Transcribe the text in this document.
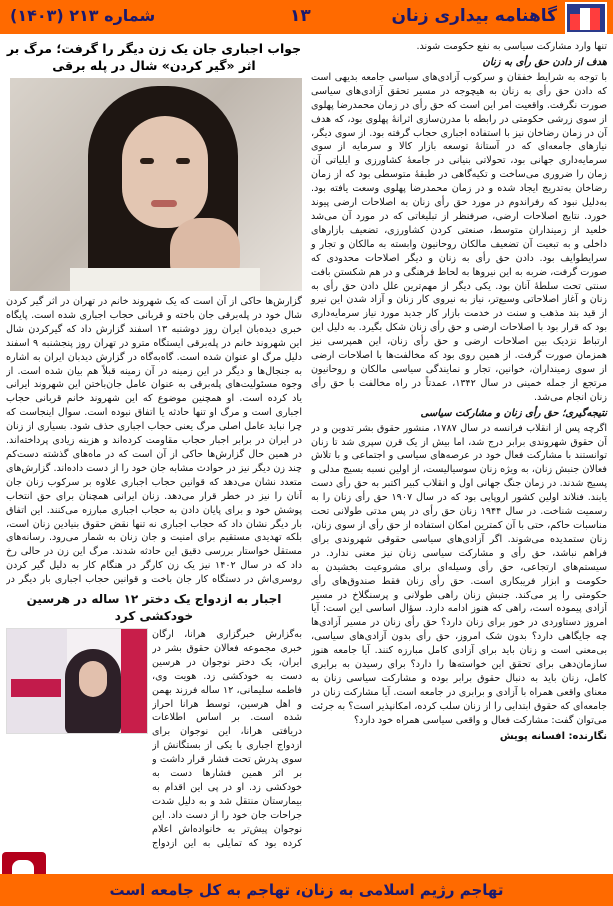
گاهنامه بیداری زنان
۱۳
شماره ۲۱۳ (۱۴۰۳)

تنها وارد مشارکت سیاسی به نفع حکومت شوند.

هدف از دادن حق رأی به زنان

با توجه به شرایط خفقان و سرکوب آزادی‌های سیاسی جامعه بدیهی است که دادن حق رأی به زنان به هیچوجه در مسیر تحقق آزادی‌های سیاسی صورت نگرفت. واقعیت امر این است که حق رأی در زمان محمدرضا پهلوی از سوی زرشی حکومتی در رابطه با مدرن‌سازی اثرانهٔ پهلوی بود، که هدف آن در زمان رضاخان نیز با استفاده اجباری حجاب گرفته بود. از سوی دیگر، نیازهای جامعه‌ای که در آستانهٔ توسعه بازار کالا و سرمایه از سوی سرمایه‌داری جهانی بود، تحولاتی بنیانی در جامعهٔ کشاورزی و ایلیاتی آن زمان را ضروری می‌ساخت و تکیه‌گاهی در طبقهٔ متوسطی بود که از زمان رضاخان به‌تدریج ایجاد شده و در زمان محمدرضا پهلوی وسعت یافته بود. به‌دلیل نبود که رفراندوم در مورد حق رأی زنان به اصلاحات ارضی پیوند خورد. نتایج اصلاحات ارضی، صرفنظر از تبلیغاتی که در مورد آن می‌شد خلعید از زمینداران متوسط، صنعتی کردن کشاورزی، تضعیف بازارهای داخلی و به تبعیت آن تضعیف مالکان روحانیون وابسته به مالکان و تجار و سرایطوایف بود. دادن حق رأی به زنان و دیگر اصلاحات محدودی که صورت گرفت، ضربه به این نیروها به لحاظ فرهنگی و در هم شکستن بافت سنتی تحت سلطهٔ آنان بود. یکی دیگر از مهم‌ترین علل دادن حق رأی به زنان و آغاز اصلاحاتی وسیع‌تر، نیاز به نیروی کار زنان و آزاد شدن این نیرو از قید بند مذهب و سنت در خدمت بازار کار جدید مورد نیاز سرمایه‌داری بود که قرار بود با اصلاحات ارضی و حق رأی زنان شکل بگیرد. به دلیل این ارتباط نزدیک بین اصلاحات ارضی و حق رأی زنان، این همپرسی نیز همزمان صورت گرفت. از همین روی بود که مخالفت‌ها با اصلاحات ارضی از سوی زمینداران، خوانین، تجار و نمایندگی سیاسی مالکان و روحانیون مرتجع از جمله خمینی در سال ۱۳۴۲، عمدتاً در راه مخالفت با حق رأی زنان انجام می‌شد.

نتیجه‌گیری؛ حق رأی زنان و مشارکت سیاسی

اگرچه پس از انقلاب فرانسه در سال ۱۷۸۷، منشور حقوق بشر تدوین و در آن حقوق شهروندی برابر درج شد، اما بیش از یک قرن سپری شد تا زنان توانستند با مشارکت فعال خود در عرصه‌های سیاسی و اجتماعی و با تلاش فعالان جنبش زنان، به ویژه زنان سوسیالیست، از اولین نسبه بسیج مدلی و پسیج شدند. در زمان جنگ جهانی اول و انقلاب کبیر اکتبر به حق رأی دست یابند. فنلاند اولین کشور اروپایی بود که در سال ۱۹۰۷ حق رأی زنان را به رسمیت شناخت. در سال ۱۹۴۴ زنان حق رأی در پس مدتی طولانی تحت مناسبات حاکم، حتی با آن کمترین امکان استفاده از حق رأی از سوی زنان، زنان ستمدیده می‌شوند. اگر آزادی‌های سیاسی حقوقی شهروندی برای فراهم نباشد، حق رأی و مشارکت سیاسی زنان نیز معنی ندارد. در سیستم‌های ارتجاعی، حق رأی وسیله‌ای برای مشروعیت بخشیدن به حکومت و ابزار فریبکاری است. حق رأی زنان فقط صندوق‌های رأی حکومتی را پر می‌کند. جنبش زنان راهی طولانی و پرسنگلاخ در مسیر آزادی پیموده است، راهی که هنوز ادامه دارد. سؤال اساسی این است: آیا امروز دستاوردی در خور برای زنان دارد؟ حق رأی زنان در مسیر آزادی‌ها چه جایگاهی دارد؟ بدون شک امروز، حق رأی بدون آزادی‌های سیاسی، بی‌معنی است و زنان باید برای آزادی کامل مبارزه کنند. آیا جامعه هنوز سازمان‌دهی برای تحقق این خواسته‌ها را دارد؟ برای رسیدن به برابری کامل، زنان باید به دنبال حقوق برابر بوده و مشارکت سیاسی زنان به معنای واقعی همراه با آزادی و برابری در جامعه است. آیا مشارکت زنان در جامعه‌ای که حقوق ابتدایی را از زنان سلب کرده، امکانپذیر است؟ به جرئت می‌توان گفت: مشارکت فعال و واقعی سیاسی همراه خود دارد؟

نگارنده: افسانه پویش
جواب اجباری جان یک زن دیگر را گرفت؛ مرگ بر اثر «گیر کردن» شال در پله برقی

گزارش‌ها حاکی از آن است که یک شهروند خانم در تهران در اثر گیر کردن شال خود در پله‌برقی جان باخته و قربانی حجاب اجباری شده است. پایگاه خبری دیده‌بان ایران روز دوشنبه ۱۳ اسفند گزارش داد که گیرکردن شال این شهروند خانم در پله‌برقی ایستگاه مترو در تهران روز پنجشنبه ۹ اسفند دلیل مرگ او عنوان شده است. گاه‌به‌گاه در گزارش دیدبان ایران به اشاره به جنجال‌ها و دیگر در این زمینه در آن زمینه قبلاً هم بیان شده است. از وجوه مسئولیت‌های پله‌برقی به عنوان عامل جان‌باختن این شهروند ایرانی یاد کرده است. او همچنین موضوع که این شهروند خانم قربانی حجاب اجباری است و مرگ او تنها حادثه یا اتفاق نبوده است. سوال اینجاست که چرا نباید عامل اصلی مرگ یعنی حجاب اجباری حذف شود. بسیاری از زنان در ایران در برابر اجبار حجاب مقاومت کرده‌اند و هزینه زیادی پرداخته‌اند. در همین حال گزارش‌ها حاکی از آن است که در ماه‌های گذشته دست‌کم چند زن دیگر نیز در حوادث مشابه جان خود را از دست داده‌اند. گزارش‌های متعدد نشان می‌دهد که قوانین حجاب اجباری علاوه بر سرکوب زنان جان آنان را نیز در خطر قرار می‌دهد. زنان ایرانی همچنان برای حق انتخاب پوشش خود و برای پایان دادن به حجاب اجباری مبارزه می‌کنند. این اتفاق بار دیگر نشان داد که حجاب اجباری نه تنها نقض حقوق بنیادین زنان است، بلکه تهدیدی مستقیم برای امنیت و جان زنان به شمار می‌رود. رسانه‌های مستقل خواستار بررسی دقیق این حادثه شدند. مرگ این زن در حالی رخ داد که در سال ۱۴۰۲ نیز یک زن کارگر در هنگام کار به دلیل گیر کردن روسری‌اش در دستگاه کار جان باخت و قوانین حجاب اجباری بار دیگر در

اجبار به ازدواج یک دختر ۱۲ ساله در هرسین خودکشی کرد

به‌گزارش خبرگزاری هرانا، ارگان خبری مجموعه فعالان حقوق بشر در ایران، یک دختر نوجوان در هرسین دست به خودکشی زد. هویت وی، فاطمه سلیمانی، ۱۲ ساله فرزند بهمن و اهل هرسین، توسط هرانا احراز شده است. بر اساس اطلاعات دریافتی هرانا، این نوجوان برای ازدواج اجباری با یکی از بستگانش از سوی پدرش تحت فشار قرار داشت و بر اثر همین فشارها دست به خودکشی زد. او در پی این اقدام به بیمارستان منتقل شد و به دلیل شدت جراحات جان خود را از دست داد. این نوجوان پیش‌تر به خانواده‌اش اعلام کرده بود که تمایلی به این ازدواج

تهاجم رژیم اسلامی به زنان، تهاجم به کل جامعه است
